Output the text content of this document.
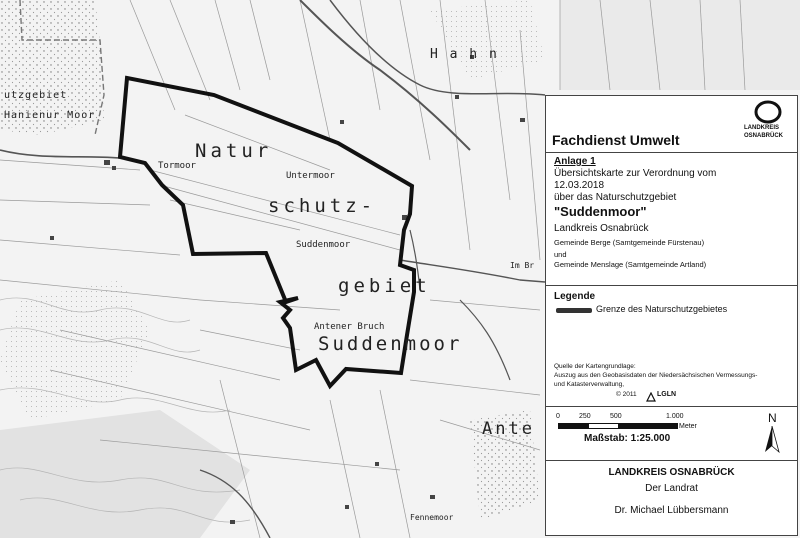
Natur
schutz-
gebiet
Suddenmoor
Hanienur Moor
utzgebiet
Tormoor
Untermoor
Suddenmoor
Antener Bruch
Ante
H a h n
Im Br
Fennemoor
Fachdienst Umwelt
LANDKREIS
OSNABRÜCK
Anlage 1
Übersichtskarte zur Verordnung vom
12.03.2018
über das Naturschutzgebiet
"Suddenmoor"
Landkreis Osnabrück
Gemeinde Berge (Samtgemeinde Fürstenau)
und
Gemeinde Menslage (Samtgemeinde Artland)
Legende
Grenze des Naturschutzgebietes
Quelle der Kartengrundlage:
Auszug aus den Geobasisdaten der Niedersächsischen Vermessungs-
und Katasterverwaltung,
© 2011	LGLN
0	250	500	1.000
Meter
Maßstab: 1:25.000
N
LANDKREIS OSNABRÜCK
Der Landrat
Dr. Michael Lübbersmann
